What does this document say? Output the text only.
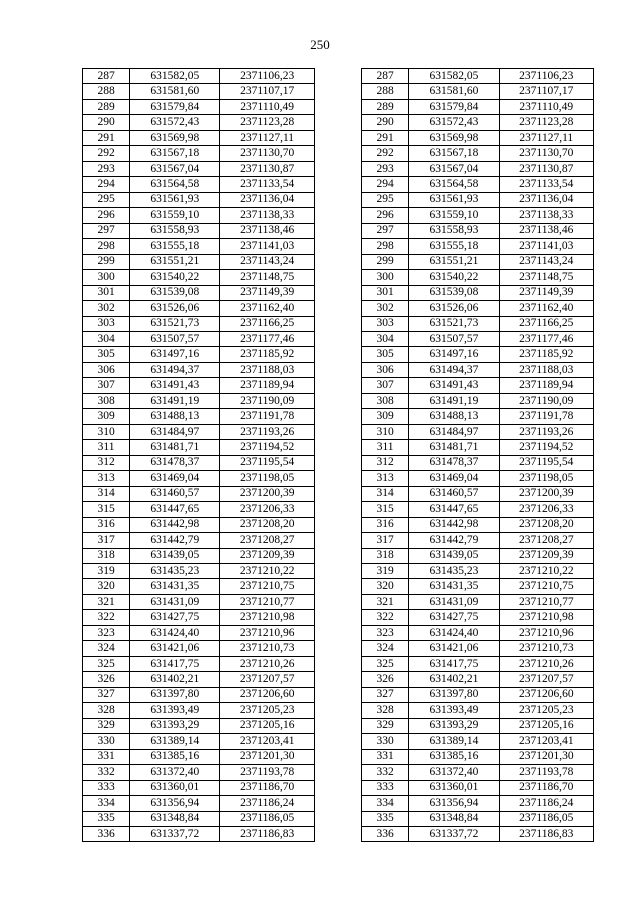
250
287	631582,05	2371106,23		287	631582,05	2371106,23
288	631581,60	2371107,17		288	631581,60	2371107,17
289	631579,84	2371110,49		289	631579,84	2371110,49
290	631572,43	2371123,28		290	631572,43	2371123,28
291	631569,98	2371127,11		291	631569,98	2371127,11
292	631567,18	2371130,70		292	631567,18	2371130,70
293	631567,04	2371130,87		293	631567,04	2371130,87
294	631564,58	2371133,54		294	631564,58	2371133,54
295	631561,93	2371136,04		295	631561,93	2371136,04
296	631559,10	2371138,33		296	631559,10	2371138,33
297	631558,93	2371138,46		297	631558,93	2371138,46
298	631555,18	2371141,03		298	631555,18	2371141,03
299	631551,21	2371143,24		299	631551,21	2371143,24
300	631540,22	2371148,75		300	631540,22	2371148,75
301	631539,08	2371149,39		301	631539,08	2371149,39
302	631526,06	2371162,40		302	631526,06	2371162,40
303	631521,73	2371166,25		303	631521,73	2371166,25
304	631507,57	2371177,46		304	631507,57	2371177,46
305	631497,16	2371185,92		305	631497,16	2371185,92
306	631494,37	2371188,03		306	631494,37	2371188,03
307	631491,43	2371189,94		307	631491,43	2371189,94
308	631491,19	2371190,09		308	631491,19	2371190,09
309	631488,13	2371191,78		309	631488,13	2371191,78
310	631484,97	2371193,26		310	631484,97	2371193,26
311	631481,71	2371194,52		311	631481,71	2371194,52
312	631478,37	2371195,54		312	631478,37	2371195,54
313	631469,04	2371198,05		313	631469,04	2371198,05
314	631460,57	2371200,39		314	631460,57	2371200,39
315	631447,65	2371206,33		315	631447,65	2371206,33
316	631442,98	2371208,20		316	631442,98	2371208,20
317	631442,79	2371208,27		317	631442,79	2371208,27
318	631439,05	2371209,39		318	631439,05	2371209,39
319	631435,23	2371210,22		319	631435,23	2371210,22
320	631431,35	2371210,75		320	631431,35	2371210,75
321	631431,09	2371210,77		321	631431,09	2371210,77
322	631427,75	2371210,98		322	631427,75	2371210,98
323	631424,40	2371210,96		323	631424,40	2371210,96
324	631421,06	2371210,73		324	631421,06	2371210,73
325	631417,75	2371210,26		325	631417,75	2371210,26
326	631402,21	2371207,57		326	631402,21	2371207,57
327	631397,80	2371206,60		327	631397,80	2371206,60
328	631393,49	2371205,23		328	631393,49	2371205,23
329	631393,29	2371205,16		329	631393,29	2371205,16
330	631389,14	2371203,41		330	631389,14	2371203,41
331	631385,16	2371201,30		331	631385,16	2371201,30
332	631372,40	2371193,78		332	631372,40	2371193,78
333	631360,01	2371186,70		333	631360,01	2371186,70
334	631356,94	2371186,24		334	631356,94	2371186,24
335	631348,84	2371186,05		335	631348,84	2371186,05
336	631337,72	2371186,83		336	631337,72	2371186,83
